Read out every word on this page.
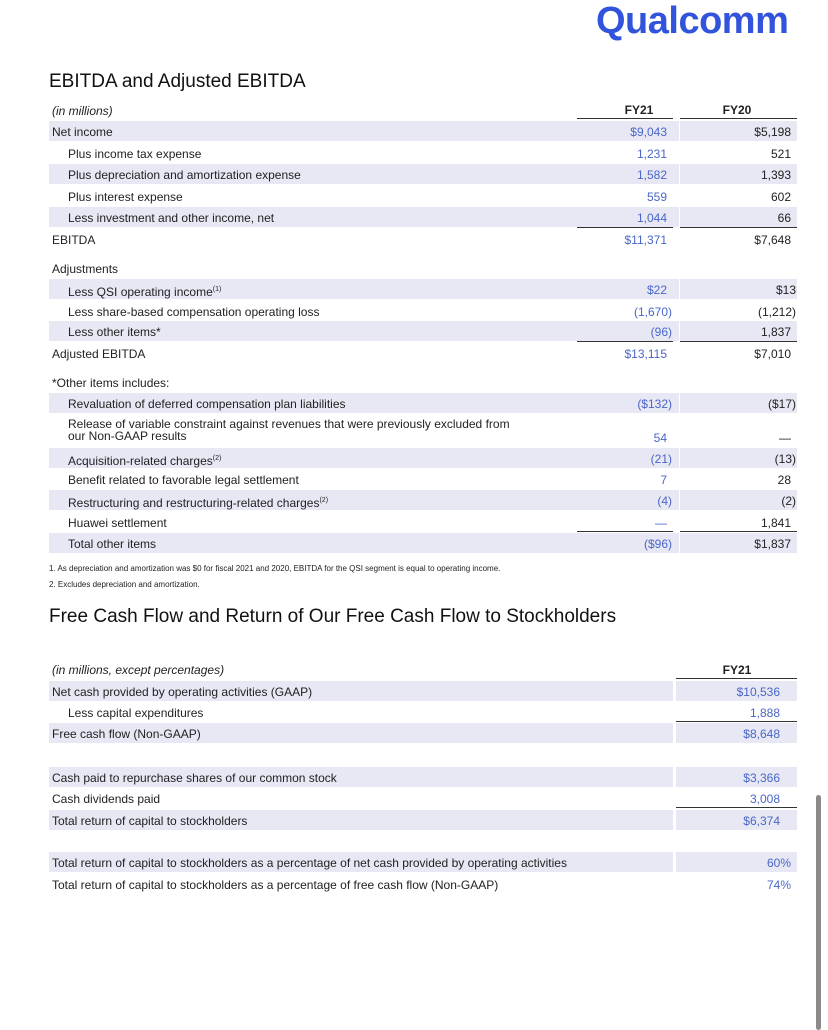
Qualcomm
EBITDA and Adjusted EBITDA
(in millions)	FY21	FY20
Net income	$9,043	$5,198
Plus income tax expense	1,231	521
Plus depreciation and amortization expense	1,582	1,393
Plus interest expense	559	602
Less investment and other income, net	1,044	66
EBITDA	$11,371	$7,648
Adjustments
Less QSI operating income$^{(1)}$	$22	$13
Less share-based compensation operating loss	(1,670)	(1,212)
Less other items*	(96)	1,837
Adjusted EBITDA	$13,115	$7,010
*Other items includes:
Revaluation of deferred compensation plan liabilities	($132)	($17)
Release of variable constraint against revenues that were previously excluded from
our Non-GAAP results	54	—
Acquisition-related charges$^{(2)}$	(21)	(13)
Benefit related to favorable legal settlement	7	28
Restructuring and restructuring-related charges$^{(2)}$	(4)	(2)
Huawei settlement	—	1,841
Total other items	($96)	$1,837
1. As depreciation and amortization was $0 for fiscal 2021 and 2020, EBITDA for the QSI segment is equal to operating income.
2. Excludes depreciation and amortization.
Free Cash Flow and Return of Our Free Cash Flow to Stockholders
(in millions, except percentages)	FY21
Net cash provided by operating activities (GAAP)	$10,536
Less capital expenditures	1,888
Free cash flow (Non-GAAP)	$8,648
Cash paid to repurchase shares of our common stock	$3,366
Cash dividends paid	3,008
Total return of capital to stockholders	$6,374
Total return of capital to stockholders as a percentage of net cash provided by operating activities	60%
Total return of capital to stockholders as a percentage of free cash flow (Non-GAAP)	74%
